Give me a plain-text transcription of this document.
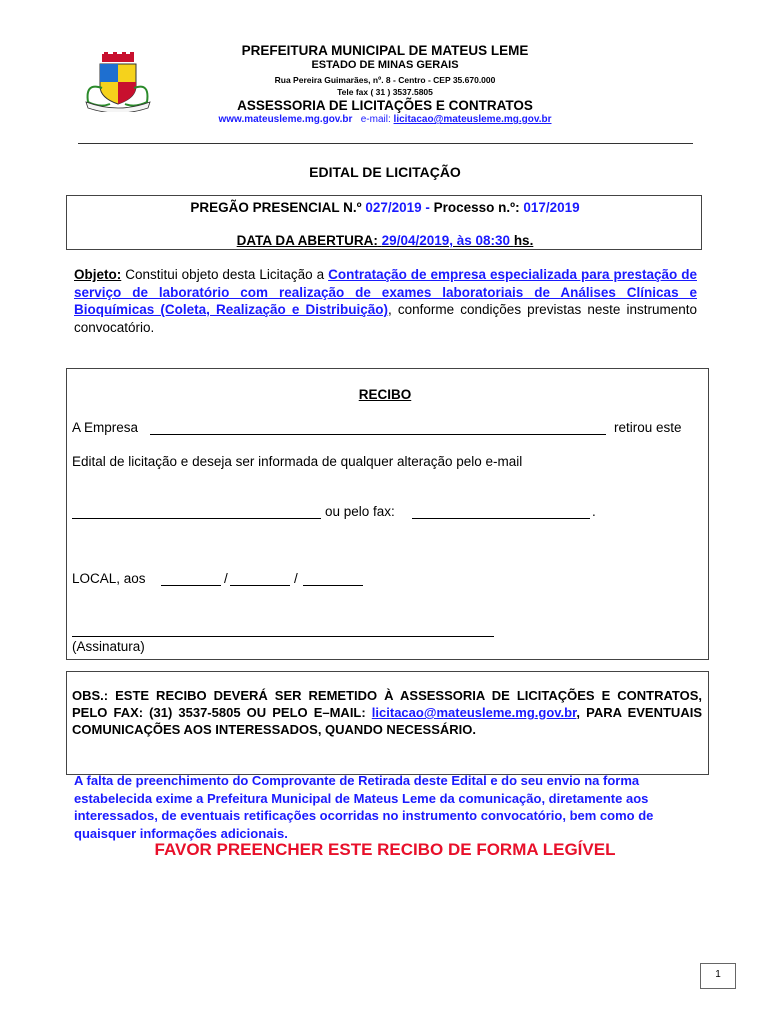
PREFEITURA MUNICIPAL DE MATEUS LEME
ESTADO DE MINAS GERAIS
Rua Pereira Guimarães, nº. 8 - Centro - CEP 35.670.000
Tele fax ( 31 ) 3537.5805
ASSESSORIA DE LICITAÇÕES E CONTRATOS
www.mateusleme.mg.gov.br e-mail: licitacao@mateusleme.mg.gov.br
EDITAL DE LICITAÇÃO
PREGÃO PRESENCIAL N.º 027/2019 - Processo n.º: 017/2019
DATA DA ABERTURA: 29/04/2019, às 08:30 hs.
Objeto: Constitui objeto desta Licitação a Contratação de empresa especializada para prestação de serviço de laboratório com realização de exames laboratoriais de Análises Clínicas e Bioquímicas (Coleta, Realização e Distribuição), conforme condições previstas neste instrumento convocatório.
RECIBO
A Empresa	retirou este
Edital de licitação e deseja ser informada de qualquer alteração pelo e-mail
ou pelo fax:	.
LOCAL, aos	/	/
(Assinatura)
OBS.: ESTE RECIBO DEVERÁ SER REMETIDO À ASSESSORIA DE LICITAÇÕES E CONTRATOS, PELO FAX: (31) 3537-5805 OU PELO E–MAIL: licitacao@mateusleme.mg.gov.br, PARA EVENTUAIS COMUNICAÇÕES AOS INTERESSADOS, QUANDO NECESSÁRIO.
A falta de preenchimento do Comprovante de Retirada deste Edital e do seu envio na forma estabelecida exime a Prefeitura Municipal de Mateus Leme da comunicação, diretamente aos interessados, de eventuais retificações ocorridas no instrumento convocatório, bem como de quaisquer informações adicionais.
FAVOR PREENCHER ESTE RECIBO DE FORMA LEGÍVEL
1
